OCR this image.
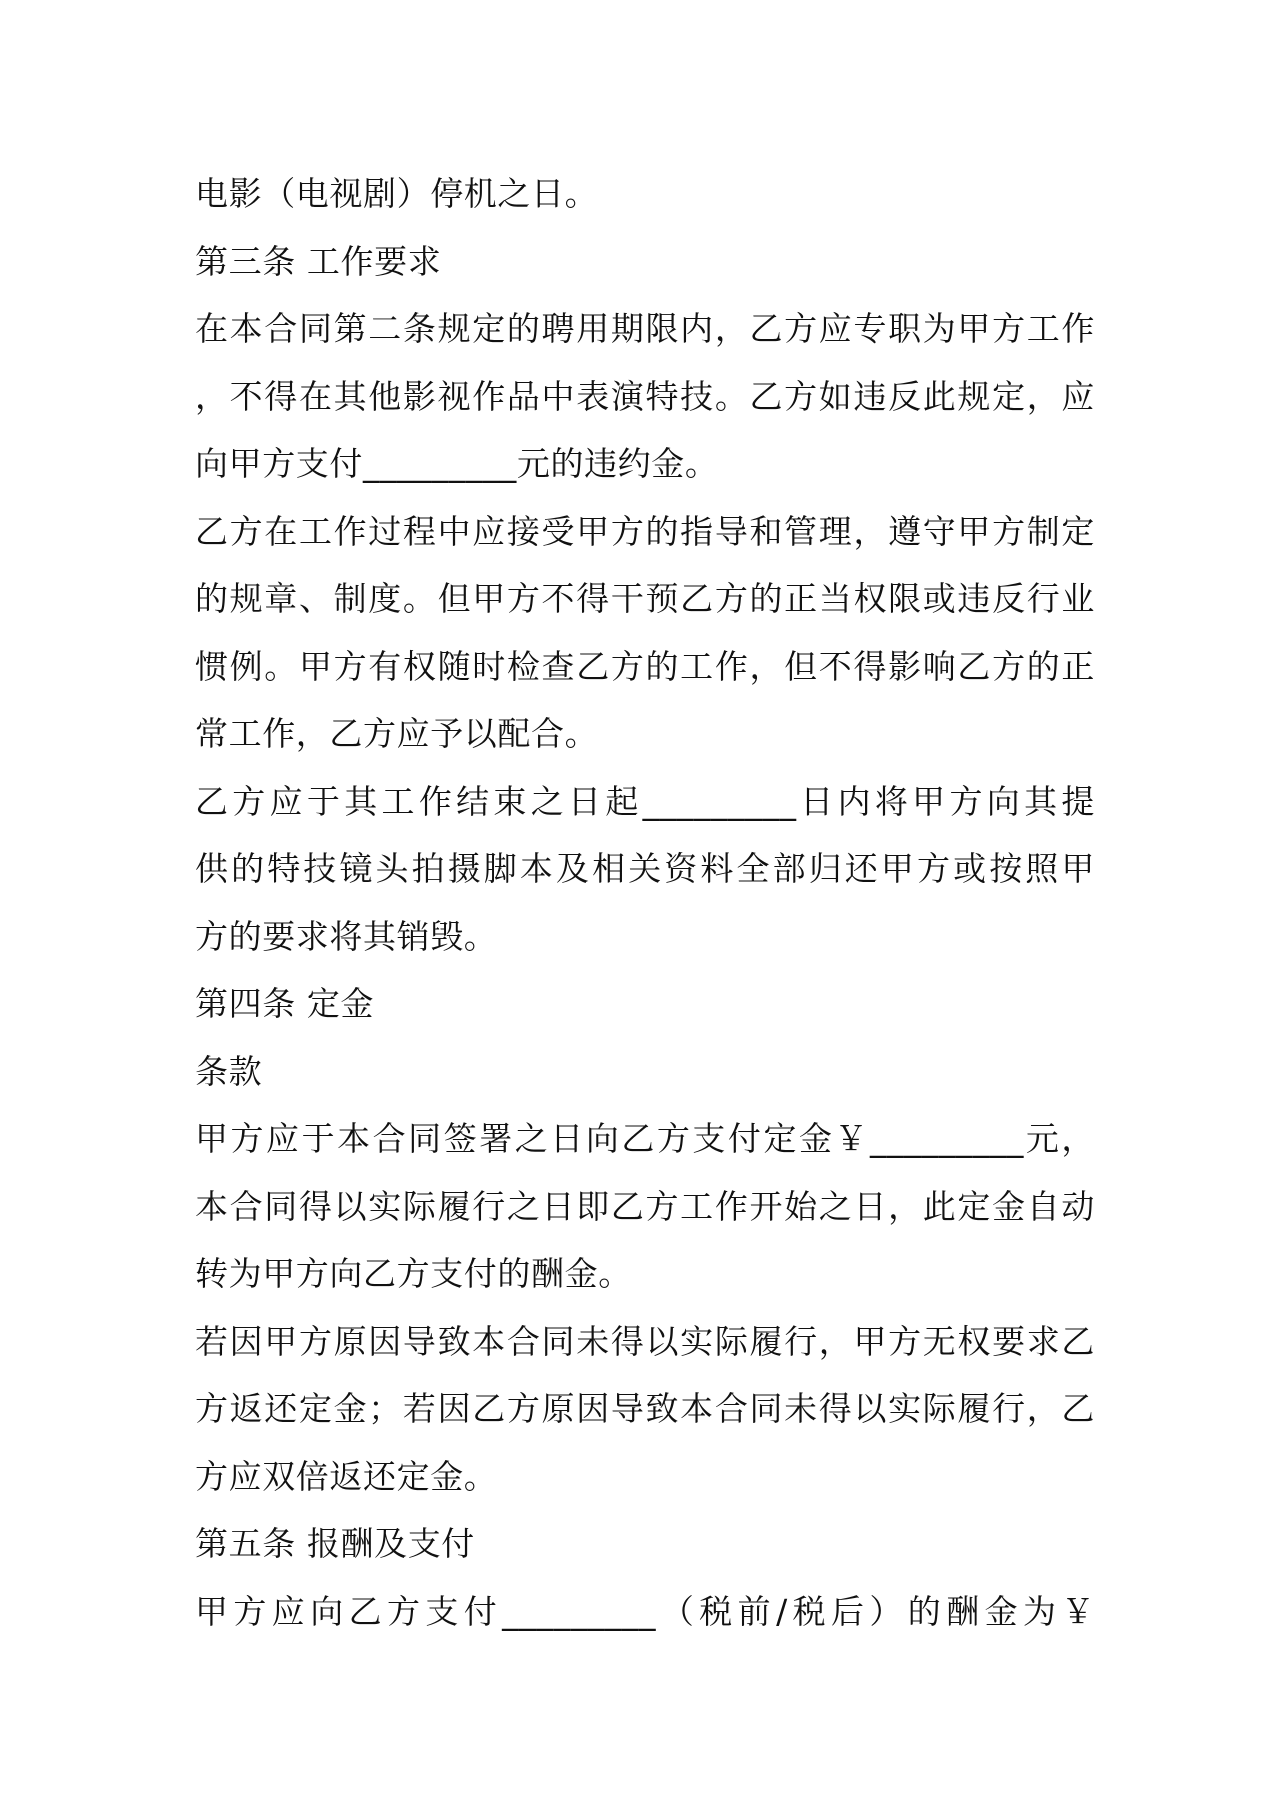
电影（电视剧）停机之日。
第三条 工作要求
在本合同第二条规定的聘用期限内，乙方应专职为甲方工作
，不得在其他影视作品中表演特技。乙方如违反此规定，应
向甲方支付_________元的违约金。
乙方在工作过程中应接受甲方的指导和管理，遵守甲方制定
的规章、制度。但甲方不得干预乙方的正当权限或违反行业
惯例。甲方有权随时检查乙方的工作，但不得影响乙方的正
常工作，乙方应予以配合。
乙方应于其工作结束之日起_________日内将甲方向其提
供的特技镜头拍摄脚本及相关资料全部归还甲方或按照甲
方的要求将其销毁。
第四条 定金
条款
甲方应于本合同签署之日向乙方支付定金￥_________元，
本合同得以实际履行之日即乙方工作开始之日，此定金自动
转为甲方向乙方支付的酬金。
若因甲方原因导致本合同未得以实际履行，甲方无权要求乙
方返还定金；若因乙方原因导致本合同未得以实际履行，乙
方应双倍返还定金。
第五条 报酬及支付
甲方应向乙方支付_________（税前/税后）的酬金为￥
